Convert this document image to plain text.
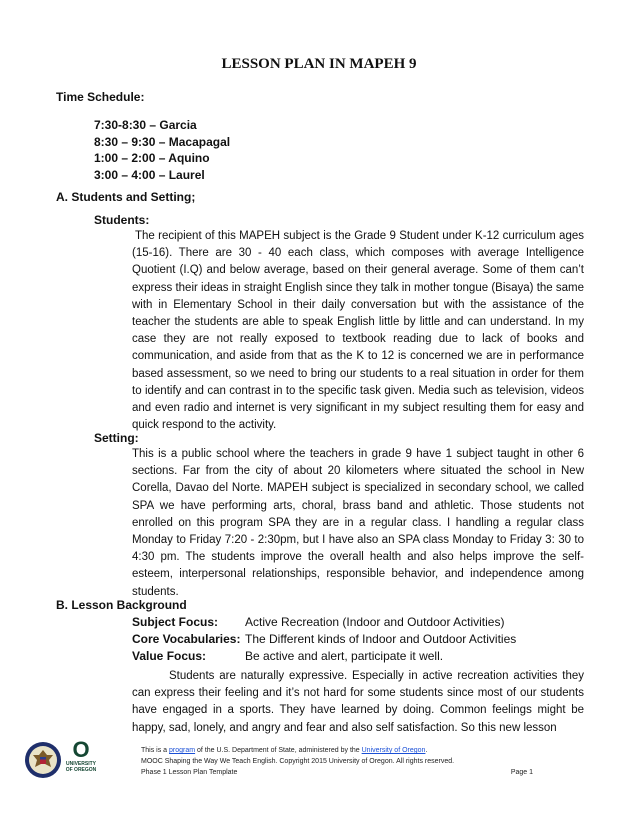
LESSON PLAN IN MAPEH 9
Time Schedule:
7:30-8:30 – Garcia
8:30 – 9:30 – Macapagal
1:00 – 2:00 – Aquino
3:00 – 4:00 – Laurel
A. Students and Setting;
Students:

The recipient of this MAPEH subject is the Grade 9 Student under K-12 curriculum ages (15-16). There are 30 - 40 each class, which composes with average Intelligence Quotient (I.Q) and below average, based on their general average. Some of them can’t express their ideas in straight English since they talk in mother tongue (Bisaya) the same with in Elementary School in their daily conversation but with the assistance of the teacher the students are able to speak English little by little and can understand. In my case they are not really exposed to textbook reading due to lack of books and communication, and aside from that as the K to 12 is concerned we are in performance based assessment, so we need to bring our students to a real situation in order for them to identify and can contrast in to the specific task given. Media such as television, videos and even radio and internet is very significant in my subject resulting them for easy and quick respond to the activity.

Setting:

This is a public school where the teachers in grade 9 have 1 subject taught in other 6 sections. Far from the city of about 20 kilometers where situated the school in New Corella, Davao del Norte. MAPEH subject is specialized in secondary school, we called SPA we have performing arts, choral, brass band and athletic. Those students not enrolled on this program SPA they are in a regular class. I handling a regular class Monday to Friday 7:20 - 2:30pm, but I have also an SPA class Monday to Friday 3: 30 to 4:30 pm. The students improve the overall health and also helps improve the self-esteem, interpersonal relationships, responsible behavior, and independence among students.

B. Lesson Background
Subject Focus: Active Recreation (Indoor and Outdoor Activities)
Core Vocabularies: The Different kinds of Indoor and Outdoor Activities
Value Focus:	Be active and alert, participate it well.

Students are naturally expressive. Especially in active recreation activities they can express their feeling and it’s not hard for some students since most of our students have engaged in a sports. They have learned by doing. Common feelings might be happy, sad, lonely, and angry and fear and also self satisfaction. So this new lesson

O
UNIVERSITY
OF OREGON
This is a program of the U.S. Department of State, administered by the University of Oregon.
MOOC Shaping the Way We Teach English. Copyright 2015 University of Oregon. All rights reserved.
Phase 1 Lesson Plan Template	Page 1
